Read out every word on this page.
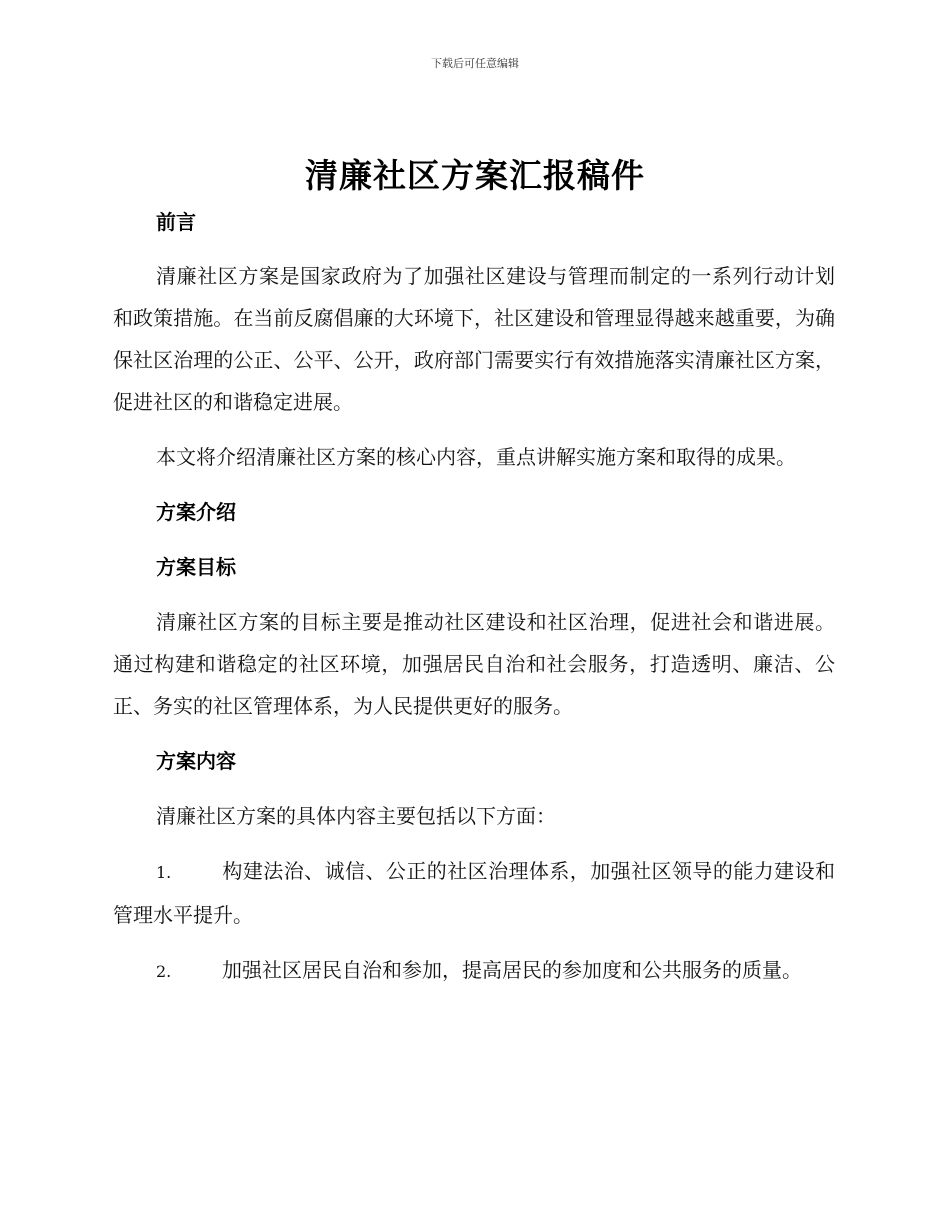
下载后可任意编辑
清廉社区方案汇报稿件

前言

清廉社区方案是国家政府为了加强社区建设与管理而制定的一系列行动计划和政策措施。在当前反腐倡廉的大环境下，社区建设和管理显得越来越重要，为确保社区治理的公正、公平、公开，政府部门需要实行有效措施落实清廉社区方案，促进社区的和谐稳定进展。

本文将介绍清廉社区方案的核心内容，重点讲解实施方案和取得的成果。

方案介绍

方案目标

清廉社区方案的目标主要是推动社区建设和社区治理，促进社会和谐进展。通过构建和谐稳定的社区环境，加强居民自治和社会服务，打造透明、廉洁、公正、务实的社区管理体系，为人民提供更好的服务。

方案内容

清廉社区方案的具体内容主要包括以下方面：

1.	构建法治、诚信、公正的社区治理体系，加强社区领导的能力建设和管理水平提升。

2.	加强社区居民自治和参加，提高居民的参加度和公共服务的质量。
